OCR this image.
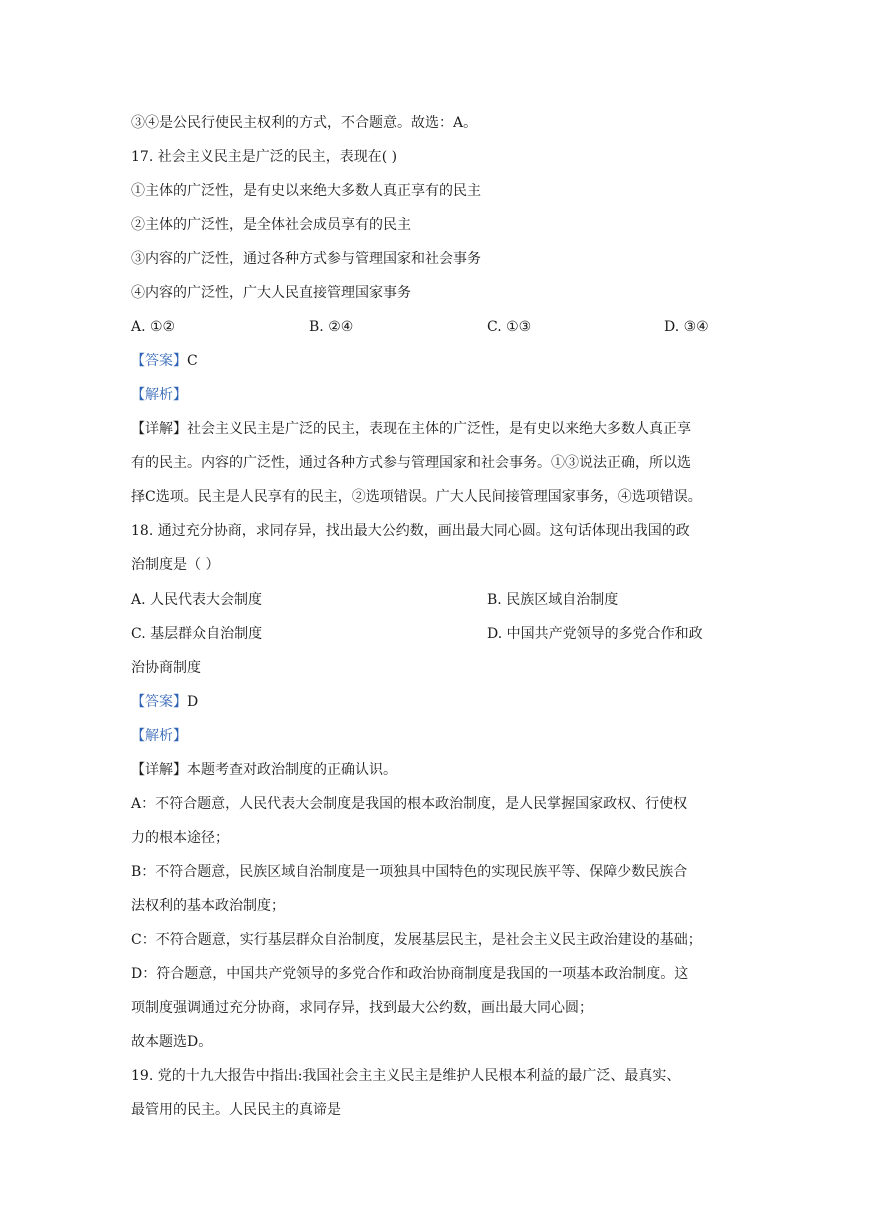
③④是公民行使民主权利的方式，不合题意。故选：A。
17. 社会主义民主是广泛的民主，表现在( )
①主体的广泛性，是有史以来绝大多数人真正享有的民主
②主体的广泛性，是全体社会成员享有的民主
③内容的广泛性，通过各种方式参与管理国家和社会事务
④内容的广泛性，广大人民直接管理国家事务
A. ①②	B. ②④	C. ①③	D. ③④
【答案】C
【解析】
【详解】社会主义民主是广泛的民主，表现在主体的广泛性，是有史以来绝大多数人真正享
有的民主。内容的广泛性，通过各种方式参与管理国家和社会事务。①③说法正确，所以选
择C选项。民主是人民享有的民主，②选项错误。广大人民间接管理国家事务，④选项错误。
18. 通过充分协商，求同存异，找出最大公约数，画出最大同心圆。这句话体现出我国的政
治制度是（ ）
A. 人民代表大会制度	B. 民族区域自治制度
C. 基层群众自治制度	D. 中国共产党领导的多党合作和政
治协商制度
【答案】D
【解析】
【详解】本题考查对政治制度的正确认识。
A：不符合题意，人民代表大会制度是我国的根本政治制度，是人民掌握国家政权、行使权
力的根本途径；
B：不符合题意，民族区域自治制度是一项独具中国特色的实现民族平等、保障少数民族合
法权利的基本政治制度；
C：不符合题意，实行基层群众自治制度，发展基层民主，是社会主义民主政治建设的基础；
D：符合题意，中国共产党领导的多党合作和政治协商制度是我国的一项基本政治制度。这
项制度强调通过充分协商，求同存异，找到最大公约数，画出最大同心圆；
故本题选D。
19. 党的十九大报告中指出:我国社会主主义民主是维护人民根本利益的最广泛、最真实、
最管用的民主。人民民主的真谛是
